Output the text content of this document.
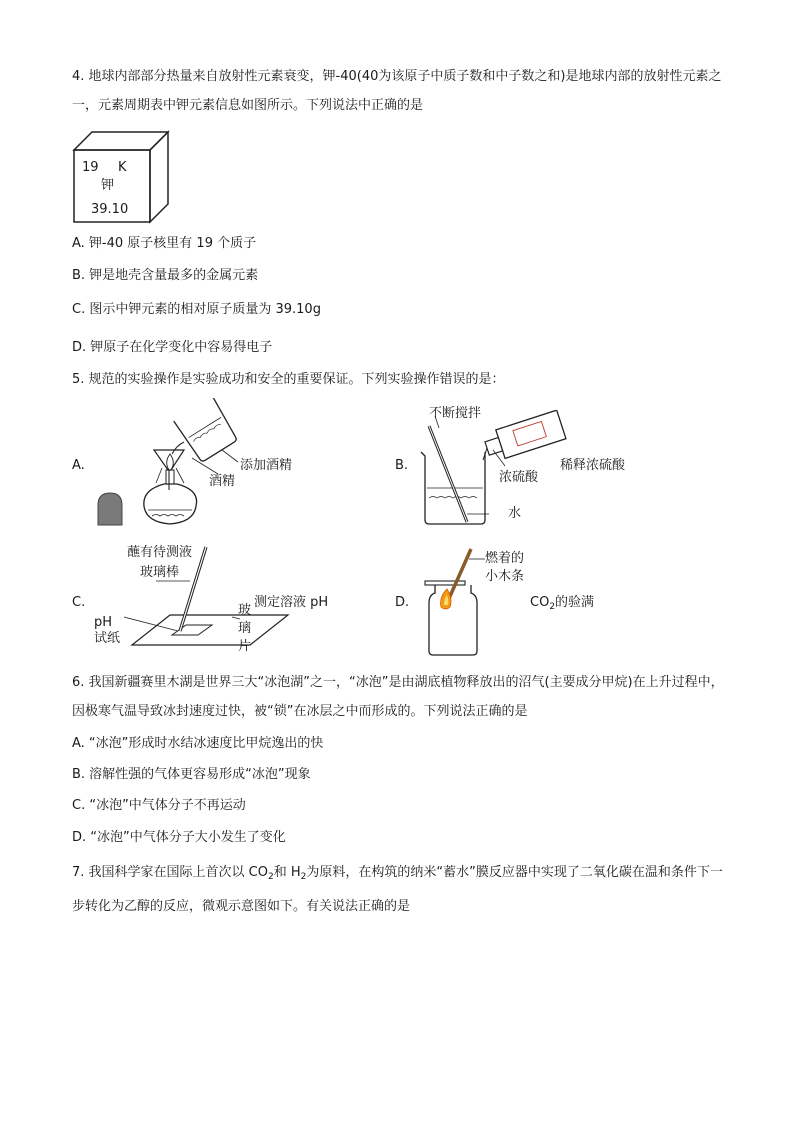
4. 地球内部部分热量来自放射性元素衰变，钾-40(40为该原子中质子数和中子数之和)是地球内部的放射性元素之一，元素周期表中钾元素信息如图所示。下列说法中正确的是
19 K
钾
39.10
A. 钾-40 原子核里有 19 个质子
B. 钾是地壳含量最多的金属元素
C. 图示中钾元素的相对原子质量为 39.10g
D. 钾原子在化学变化中容易得电子
5. 规范的实验操作是实验成功和安全的重要保证。下列实验操作错误的是：
A.
酒精
添加酒精	B.
不断搅拌
浓硫酸
水
稀释浓硫酸
C.
蘸有待测液
玻璃棒
pH
试纸
玻
璃
片
测定溶液 pH	D.
燃着的
小木条
$CO_2$的验满
6. 我国新疆赛里木湖是世界三大“冰泡湖”之一，“冰泡”是由湖底植物释放出的沼气(主要成分甲烷)在上升过程中，因极寒气温导致冰封速度过快，被“锁”在冰层之中而形成的。下列说法正确的是
A. “冰泡”形成时水结冰速度比甲烷逸出的快
B. 溶解性强的气体更容易形成“冰泡”现象
C. “冰泡”中气体分子不再运动
D. “冰泡”中气体分子大小发生了变化
7. 我国科学家在国际上首次以 $CO_2$和 $H_2$为原料，在构筑的纳米“蓄水”膜反应器中实现了二氧化碳在温和条件下一步转化为乙醇的反应，微观示意图如下。有关说法正确的是
